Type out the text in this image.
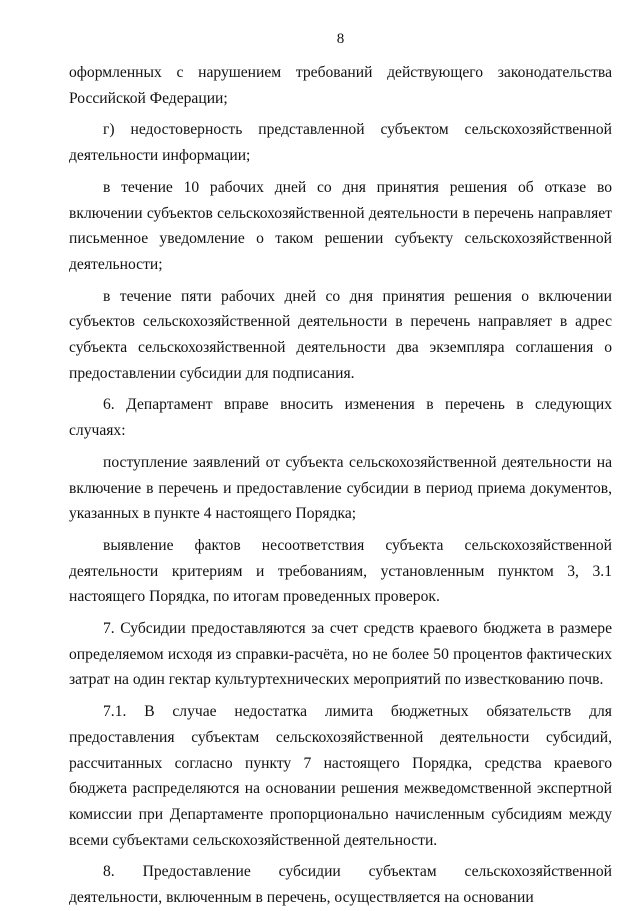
8

оформленных с нарушением требований действующего законодательства Российской Федерации;

г) недостоверность представленной субъектом сельскохозяйственной деятельности информации;

в течение 10 рабочих дней со дня принятия решения об отказе во включении субъектов сельскохозяйственной деятельности в перечень направляет письменное уведомление о таком решении субъекту сельскохозяйственной деятельности;

в течение пяти рабочих дней со дня принятия решения о включении субъектов сельскохозяйственной деятельности в перечень направляет в адрес субъекта сельскохозяйственной деятельности два экземпляра соглашения о предоставлении субсидии для подписания.

6. Департамент вправе вносить изменения в перечень в следующих случаях:

поступление заявлений от субъекта сельскохозяйственной деятельности на включение в перечень и предоставление субсидии в период приема документов, указанных в пункте 4 настоящего Порядка;

выявление фактов несоответствия субъекта сельскохозяйственной деятельности критериям и требованиям, установленным пунктом 3, 3.1 настоящего Порядка, по итогам проведенных проверок.

7. Субсидии предоставляются за счет средств краевого бюджета в размере определяемом исходя из справки-расчёта, но не более 50 процентов фактических затрат на один гектар культуртехнических мероприятий по известкованию почв.

7.1. В случае недостатка лимита бюджетных обязательств для предоставления субъектам сельскохозяйственной деятельности субсидий, рассчитанных согласно пункту 7 настоящего Порядка, средства краевого бюджета распределяются на основании решения межведомственной экспертной комиссии при Департаменте пропорционально начисленным субсидиям между всеми субъектами сельскохозяйственной деятельности.

8. Предоставление субсидии субъектам сельскохозяйственной деятельности, включенным в перечень, осуществляется на основании
